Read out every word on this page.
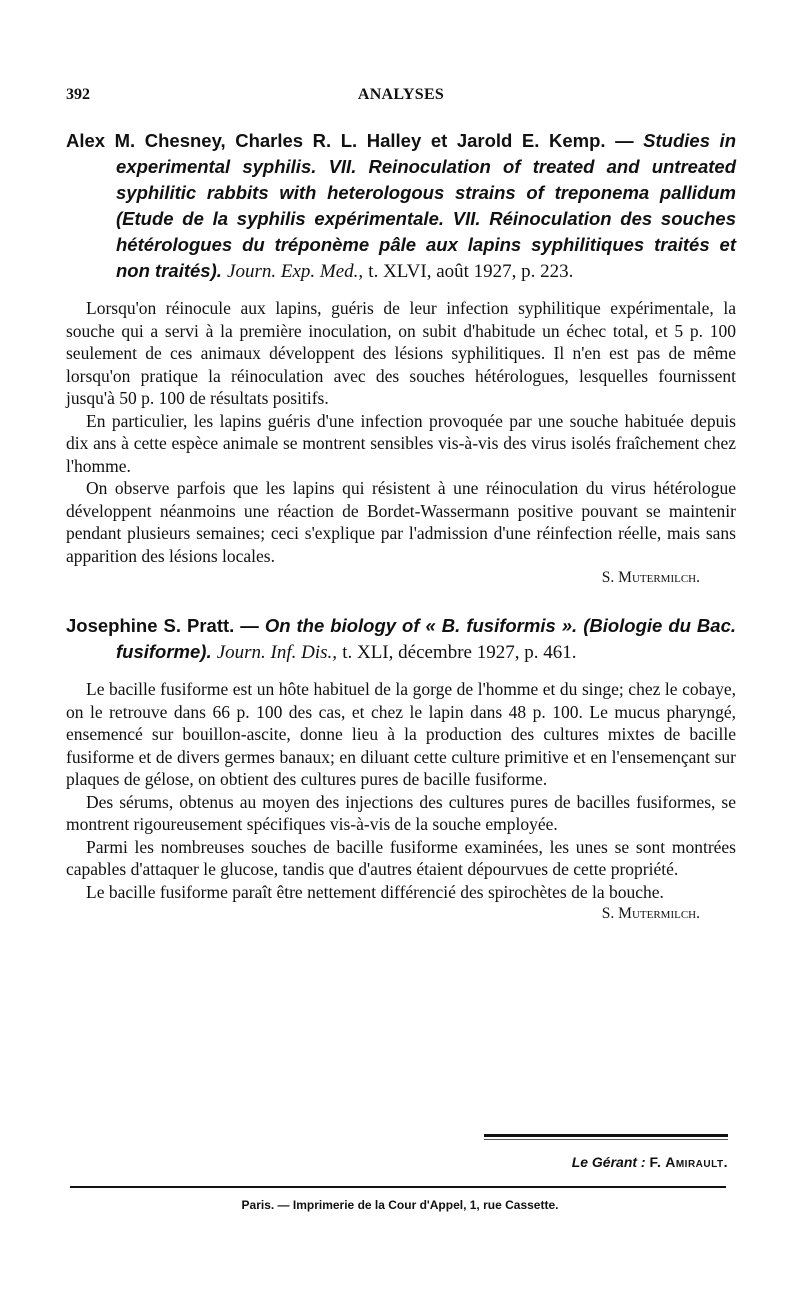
392	ANALYSES

Alex M. Chesney, Charles R. L. Halley et Jarold E. Kemp. — Studies in experimental syphilis. VII. Reinoculation of treated and untreated syphilitic rabbits with heterologous strains of treponema pallidum (Etude de la syphilis expérimentale. VII. Réinoculation des souches hétérologues du tréponème pâle aux lapins syphilitiques traités et non traités). Journ. Exp. Med., t. XLVI, août 1927, p. 223.

Lorsqu'on réinocule aux lapins, guéris de leur infection syphilitique expérimentale, la souche qui a servi à la première inoculation, on subit d'habitude un échec total, et 5 p. 100 seulement de ces animaux développent des lésions syphilitiques. Il n'en est pas de même lorsqu'on pratique la réinoculation avec des souches hétérologues, lesquelles fournissent jusqu'à 50 p. 100 de résultats positifs.

En particulier, les lapins guéris d'une infection provoquée par une souche habituée depuis dix ans à cette espèce animale se montrent sensibles vis-à-vis des virus isolés fraîchement chez l'homme.

On observe parfois que les lapins qui résistent à une réinoculation du virus hétérologue développent néanmoins une réaction de Bordet-Wassermann positive pouvant se maintenir pendant plusieurs semaines; ceci s'explique par l'admission d'une réinfection réelle, mais sans apparition des lésions locales.

S. Mutermilch.

Josephine S. Pratt. — On the biology of « B. fusiformis ». (Biologie du Bac. fusiforme). Journ. Inf. Dis., t. XLI, décembre 1927, p. 461.

Le bacille fusiforme est un hôte habituel de la gorge de l'homme et du singe; chez le cobaye, on le retrouve dans 66 p. 100 des cas, et chez le lapin dans 48 p. 100. Le mucus pharyngé, ensemencé sur bouillon-ascite, donne lieu à la production des cultures mixtes de bacille fusiforme et de divers germes banaux; en diluant cette culture primitive et en l'ensemençant sur plaques de gélose, on obtient des cultures pures de bacille fusiforme.

Des sérums, obtenus au moyen des injections des cultures pures de bacilles fusiformes, se montrent rigoureusement spécifiques vis-à-vis de la souche employée.

Parmi les nombreuses souches de bacille fusiforme examinées, les unes se sont montrées capables d'attaquer le glucose, tandis que d'autres étaient dépourvues de cette propriété.

Le bacille fusiforme paraît être nettement différencié des spirochètes de la bouche.

S. Mutermilch.

Le Gérant : F. Amirault.
Paris. — Imprimerie de la Cour d'Appel, 1, rue Cassette.
